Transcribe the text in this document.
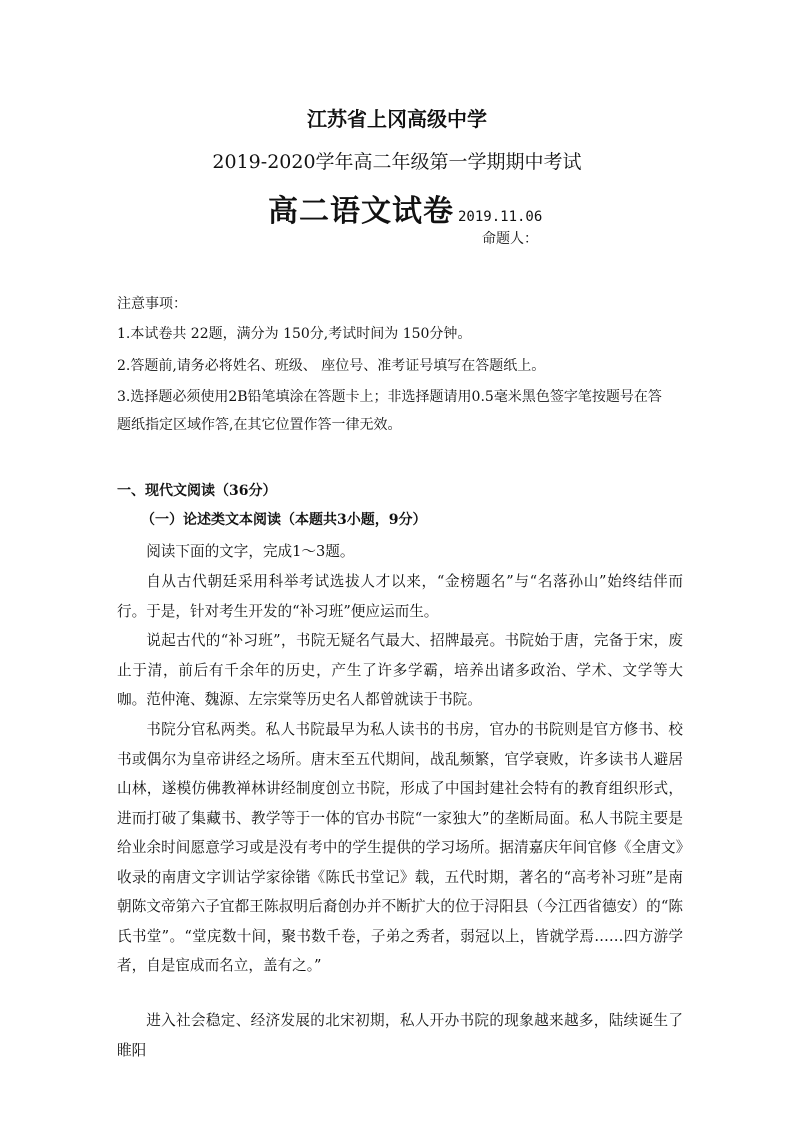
江苏省上冈高级中学
2019-2020学年高二年级第一学期期中考试
高二语文试卷 2019.11.06
命题人：
注意事项：
1.本试卷共 22题，满分为 150分,考试时间为 150分钟。
2.答题前,请务必将姓名、班级、 座位号、准考证号填写在答题纸上。
3.选择题必须使用2B铅笔填涂在答题卡上；非选择题请用0.5毫米黑色签字笔按题号在答
题纸指定区域作答,在其它位置作答一律无效。
一、现代文阅读（36分）
（一）论述类文本阅读（本题共3小题，9分）

阅读下面的文字，完成1～3题。

自从古代朝廷采用科举考试选拔人才以来，“金榜题名”与“名落孙山”始终结伴而行。于是，针对考生开发的“补习班”便应运而生。

说起古代的“补习班”，书院无疑名气最大、招牌最亮。书院始于唐，完备于宋，废止于清，前后有千余年的历史，产生了许多学霸，培养出诸多政治、学术、文学等大咖。范仲淹、魏源、左宗棠等历史名人都曾就读于书院。

书院分官私两类。私人书院最早为私人读书的书房，官办的书院则是官方修书、校书或偶尔为皇帝讲经之场所。唐末至五代期间，战乱频繁，官学衰败，许多读书人避居山林，遂模仿佛教禅林讲经制度创立书院，形成了中国封建社会特有的教育组织形式，进而打破了集藏书、教学等于一体的官办书院“一家独大”的垄断局面。私人书院主要是给业余时间愿意学习或是没有考中的学生提供的学习场所。据清嘉庆年间官修《全唐文》收录的南唐文字训诂学家徐锴《陈氏书堂记》载，五代时期，著名的“高考补习班”是南朝陈文帝第六子宜都王陈叔明后裔创办并不断扩大的位于浔阳县（今江西省德安）的“陈氏书堂”。“堂庑数十间，聚书数千卷，子弟之秀者，弱冠以上，皆就学焉……四方游学者，自是宦成而名立，盖有之。”

进入社会稳定、经济发展的北宋初期，私人开办书院的现象越来越多，陆续诞生了睢阳
